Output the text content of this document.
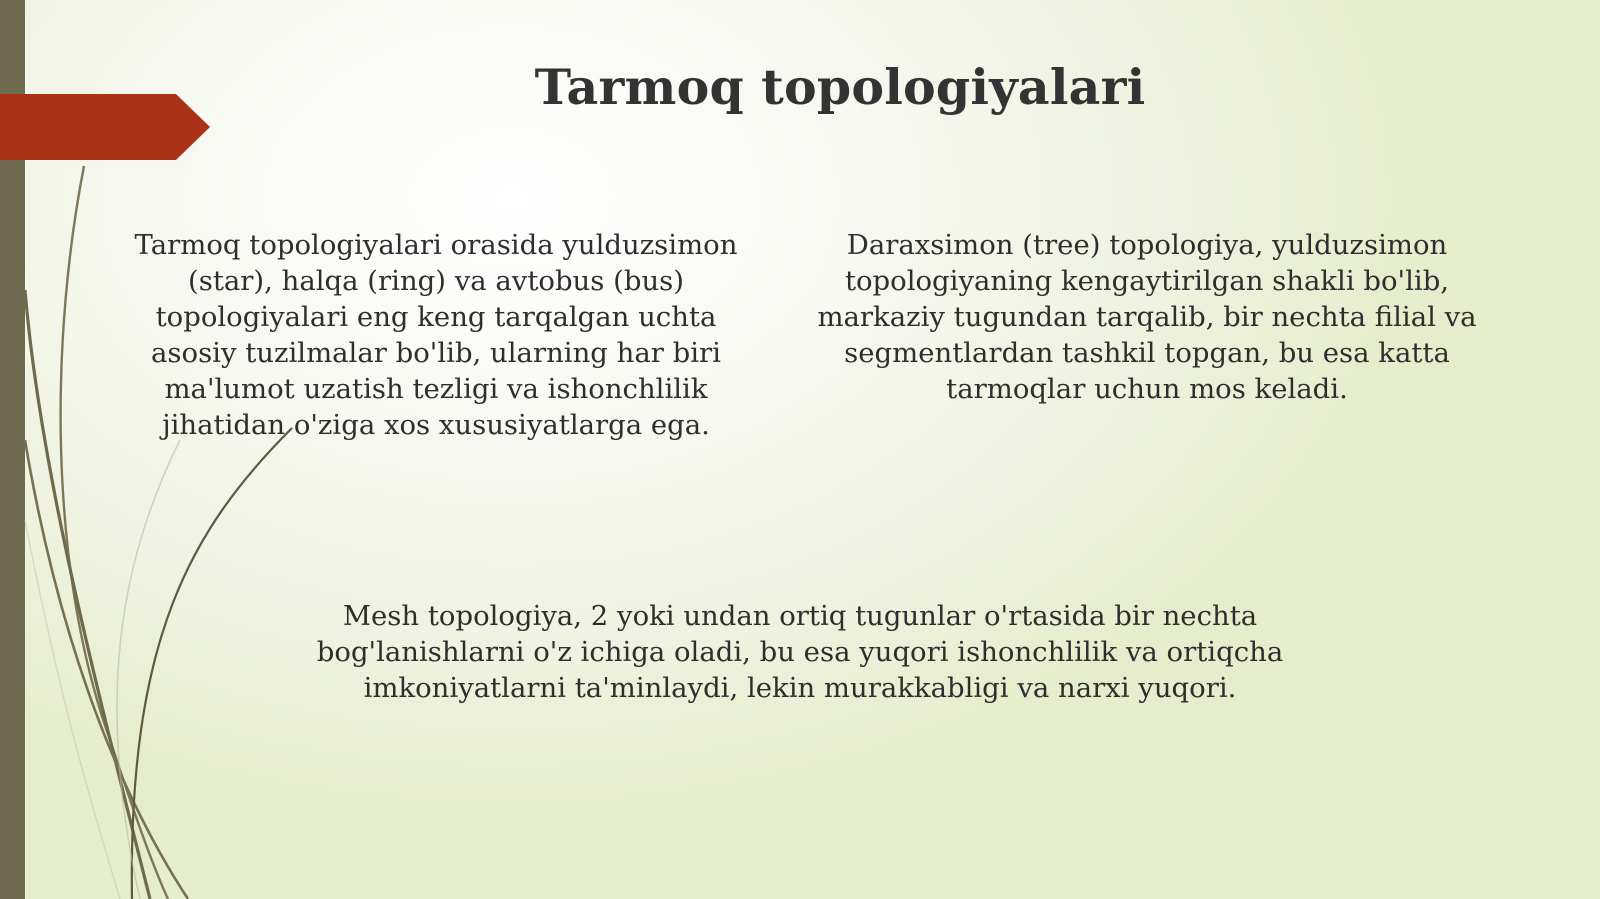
Tarmoq topologiyalari

Tarmoq topologiyalari orasida yulduzsimon (star), halqa (ring) va avtobus (bus) topologiyalari eng keng tarqalgan uchta asosiy tuzilmalar bo'lib, ularning har biri ma'lumot uzatish tezligi va ishonchlilik jihatidan o'ziga xos xususiyatlarga ega.

Daraxsimon (tree) topologiya, yulduzsimon topologiyaning kengaytirilgan shakli bo'lib, markaziy tugundan tarqalib, bir nechta filial va segmentlardan tashkil topgan, bu esa katta tarmoqlar uchun mos keladi.

Mesh topologiya, 2 yoki undan ortiq tugunlar o'rtasida bir nechta bog'lanishlarni o'z ichiga oladi, bu esa yuqori ishonchlilik va ortiqcha imkoniyatlarni ta'minlaydi, lekin murakkabligi va narxi yuqori.
